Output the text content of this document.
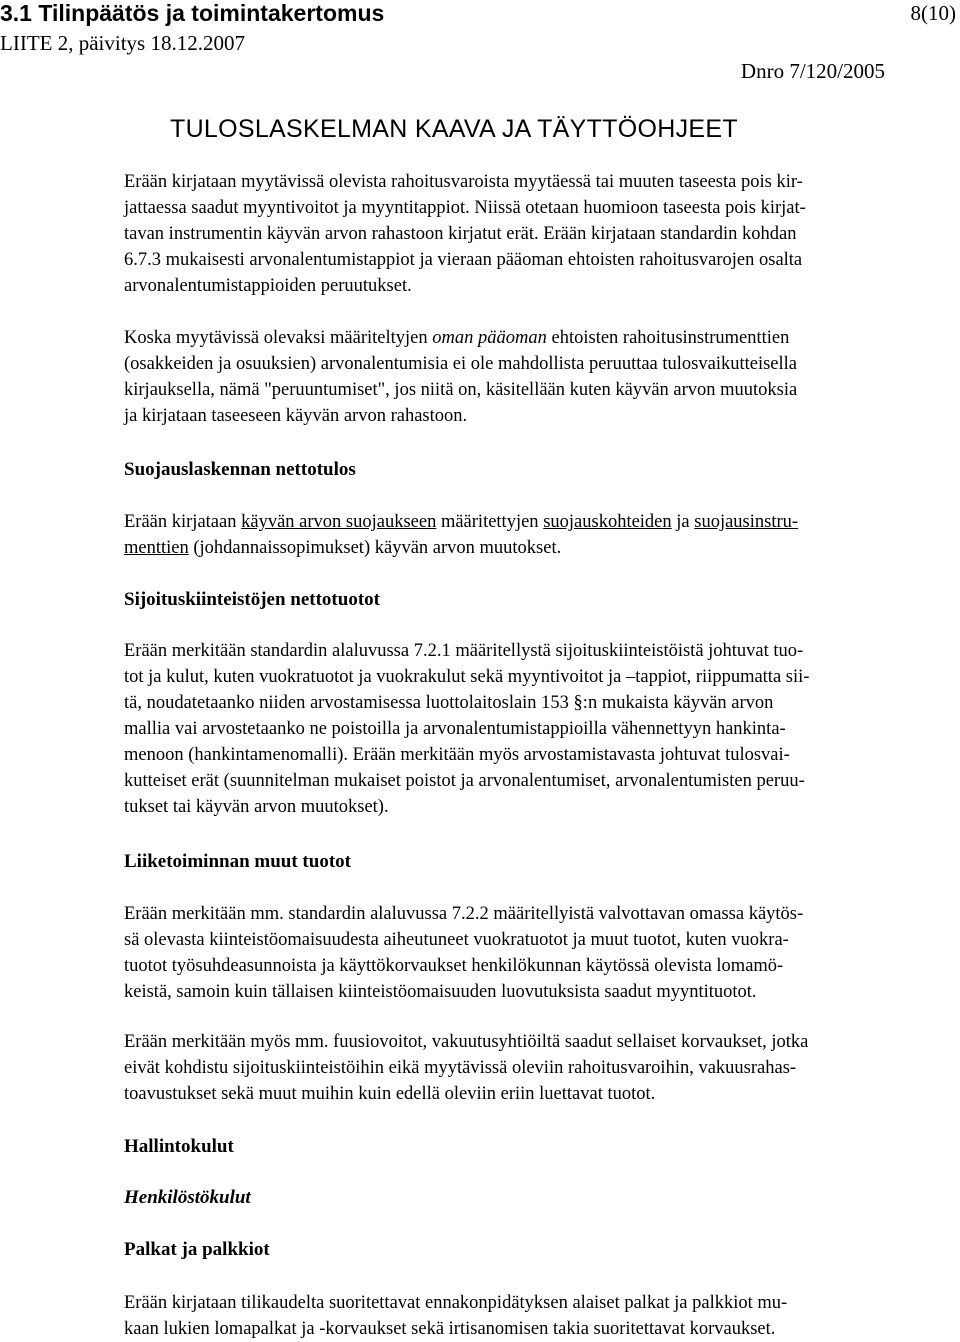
3.1 Tilinpäätös ja toimintakertomus
LIITE 2, päivitys 18.12.2007
8(10)
Dnro 7/120/2005
TULOSLASKELMAN KAAVA JA TÄYTTÖOHJEET
Erään kirjataan myytävissä olevista rahoitusvaroista myytäessä tai muuten taseesta pois kir-
jattaessa saadut myyntivoitot ja myyntitappiot. Niissä otetaan huomioon taseesta pois kirjat-
tavan instrumentin käyvän arvon rahastoon kirjatut erät. Erään kirjataan standardin kohdan
6.7.3 mukaisesti arvonalentumistappiot ja vieraan pääoman ehtoisten rahoitusvarojen osalta
arvonalentumistappioiden peruutukset.
Koska myytävissä olevaksi määriteltyjen oman pääoman ehtoisten rahoitusinstrumenttien
(osakkeiden ja osuuksien) arvonalentumisia ei ole mahdollista peruuttaa tulosvaikutteisella
kirjauksella, nämä "peruuntumiset", jos niitä on, käsitellään kuten käyvän arvon muutoksia
ja kirjataan taseeseen käyvän arvon rahastoon.
Suojauslaskennan nettotulos
Erään kirjataan käyvän arvon suojaukseen määritettyjen suojauskohteiden ja suojausinstru-
menttien (johdannaissopimukset) käyvän arvon muutokset.
Sijoituskiinteistöjen nettotuotot
Erään merkitään standardin alaluvussa 7.2.1 määritellystä sijoituskiinteistöistä johtuvat tuo-
tot ja kulut, kuten vuokratuotot ja vuokrakulut sekä myyntivoitot ja –tappiot, riippumatta sii-
tä, noudatetaanko niiden arvostamisessa luottolaitoslain 153 §:n mukaista käyvän arvon
mallia vai arvostetaanko ne poistoilla ja arvonalentumistappioilla vähennettyyn hankinta-
menoon (hankintamenomalli). Erään merkitään myös arvostamistavasta johtuvat tulosvai-
kutteiset erät (suunnitelman mukaiset poistot ja arvonalentumiset, arvonalentumisten peruu-
tukset tai käyvän arvon muutokset).
Liiketoiminnan muut tuotot
Erään merkitään mm. standardin alaluvussa 7.2.2 määritellyistä valvottavan omassa käytös-
sä olevasta kiinteistöomaisuudesta aiheutuneet vuokratuotot ja muut tuotot, kuten vuokra-
tuotot työsuhdeasunnoista ja käyttökorvaukset henkilökunnan käytössä olevista lomamö-
keistä, samoin kuin tällaisen kiinteistöomaisuuden luovutuksista saadut myyntituotot.
Erään merkitään myös mm. fuusiovoitot, vakuutusyhtiöiltä saadut sellaiset korvaukset, jotka
eivät kohdistu sijoituskiinteistöihin eikä myytävissä oleviin rahoitusvaroihin, vakuusrahas-
toavustukset sekä muut muihin kuin edellä oleviin eriin luettavat tuotot.
Hallintokulut
Henkilöstökulut
Palkat ja palkkiot
Erään kirjataan tilikaudelta suoritettavat ennakonpidätyksen alaiset palkat ja palkkiot mu-
kaan lukien lomapalkat ja -korvaukset sekä irtisanomisen takia suoritettavat korvaukset.
